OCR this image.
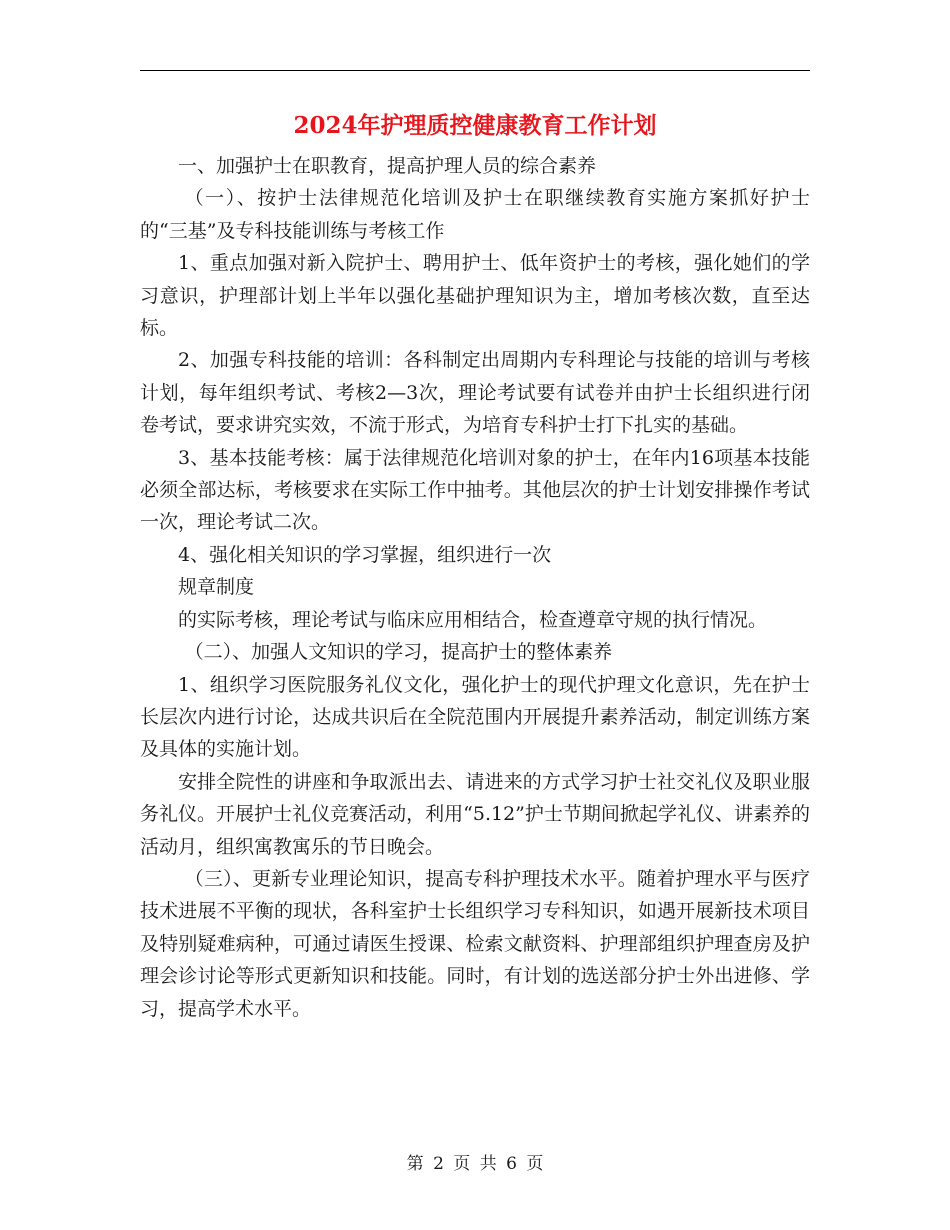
2024年护理质控健康教育工作计划

一、加强护士在职教育，提高护理人员的综合素养

（一）、按护士法律规范化培训及护士在职继续教育实施方案抓好护士的“三基”及专科技能训练与考核工作

1、重点加强对新入院护士、聘用护士、低年资护士的考核，强化她们的学习意识，护理部计划上半年以强化基础护理知识为主，增加考核次数，直至达标。

2、加强专科技能的培训：各科制定出周期内专科理论与技能的培训与考核计划，每年组织考试、考核2—3次，理论考试要有试卷并由护士长组织进行闭卷考试，要求讲究实效，不流于形式，为培育专科护士打下扎实的基础。

3、基本技能考核：属于法律规范化培训对象的护士，在年内16项基本技能必须全部达标，考核要求在实际工作中抽考。其他层次的护士计划安排操作考试一次，理论考试二次。

4、强化相关知识的学习掌握，组织进行一次

规章制度

的实际考核，理论考试与临床应用相结合，检查遵章守规的执行情况。

（二）、加强人文知识的学习，提高护士的整体素养

1、组织学习医院服务礼仪文化，强化护士的现代护理文化意识，先在护士长层次内进行讨论，达成共识后在全院范围内开展提升素养活动，制定训练方案及具体的实施计划。

安排全院性的讲座和争取派出去、请进来的方式学习护士社交礼仪及职业服务礼仪。开展护士礼仪竞赛活动，利用“5.12”护士节期间掀起学礼仪、讲素养的活动月，组织寓教寓乐的节日晚会。

（三）、更新专业理论知识，提高专科护理技术水平。随着护理水平与医疗技术进展不平衡的现状，各科室护士长组织学习专科知识，如遇开展新技术项目及特别疑难病种，可通过请医生授课、检索文献资料、护理部组织护理查房及护理会诊讨论等形式更新知识和技能。同时，有计划的选送部分护士外出进修、学习，提高学术水平。

第 2 页 共 6 页
